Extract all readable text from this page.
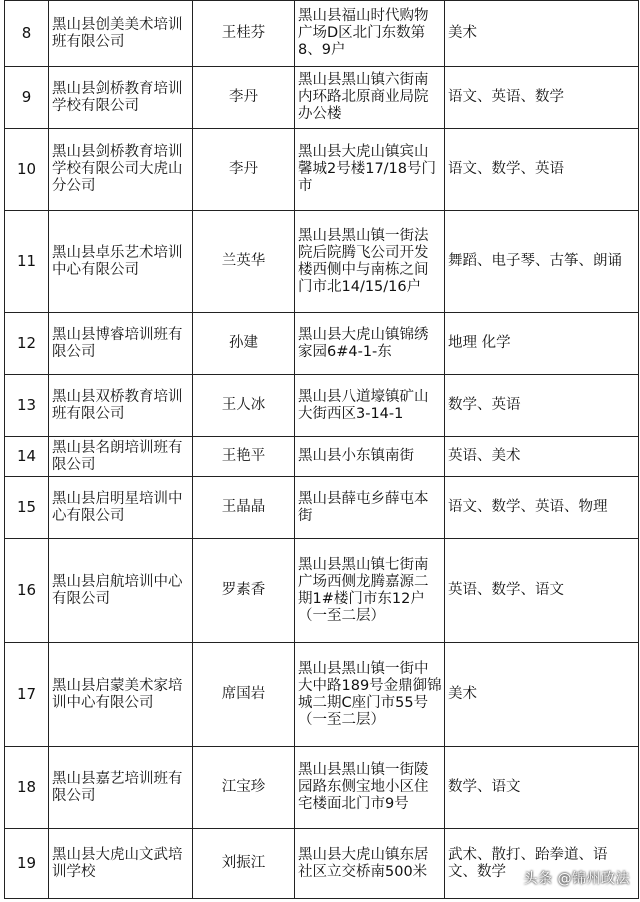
8	黑山县创美美术培训班有限公司	王桂芬	黑山县福山时代购物广场D区北门东数第8、9户	美术
9	黑山县剑桥教育培训学校有限公司	李丹	黑山县黑山镇六街南内环路北原商业局院办公楼	语文、英语、数学
10	黑山县剑桥教育培训学校有限公司大虎山分公司	李丹	黑山县大虎山镇宾山馨城2号楼17/18号门市	语文、数学、英语
11	黑山县卓乐艺术培训中心有限公司	兰英华	黑山县黑山镇一街法院后院腾飞公司开发楼西侧中与南栋之间门市北14/15/16户	舞蹈、电子琴、古筝、朗诵
12	黑山县博睿培训班有限公司	孙建	黑山县大虎山镇锦绣家园6#4-1-东	地理 化学
13	黑山县双桥教育培训班有限公司	王人冰	黑山县八道壕镇矿山大街西区3-14-1	数学、英语
14	黑山县名朗培训班有限公司	王艳平	黑山县小东镇南街	英语、美术
15	黑山县启明星培训中心有限公司	王晶晶	黑山县薛屯乡薛屯本街	语文、数学、英语、物理
16	黑山县启航培训中心有限公司	罗素香	黑山县黑山镇七街南广场西侧龙腾嘉源二期1#楼门市东12户（一至二层）	英语、数学、语文
17	黑山县启蒙美术家培训中心有限公司	席国岩	黑山县黑山镇一街中大中路189号金鼎御锦城二期C座门市55号（一至二层）	美术
18	黑山县嘉艺培训班有限公司	江宝珍	黑山县黑山镇一街陵园路东侧宝地小区住宅楼面北门市9号	数学、语文
19	黑山县大虎山文武培训学校	刘振江	黑山县大虎山镇东居社区立交桥南500米	武术、散打、跆拳道、语文、数学 头条 @锦州政法
